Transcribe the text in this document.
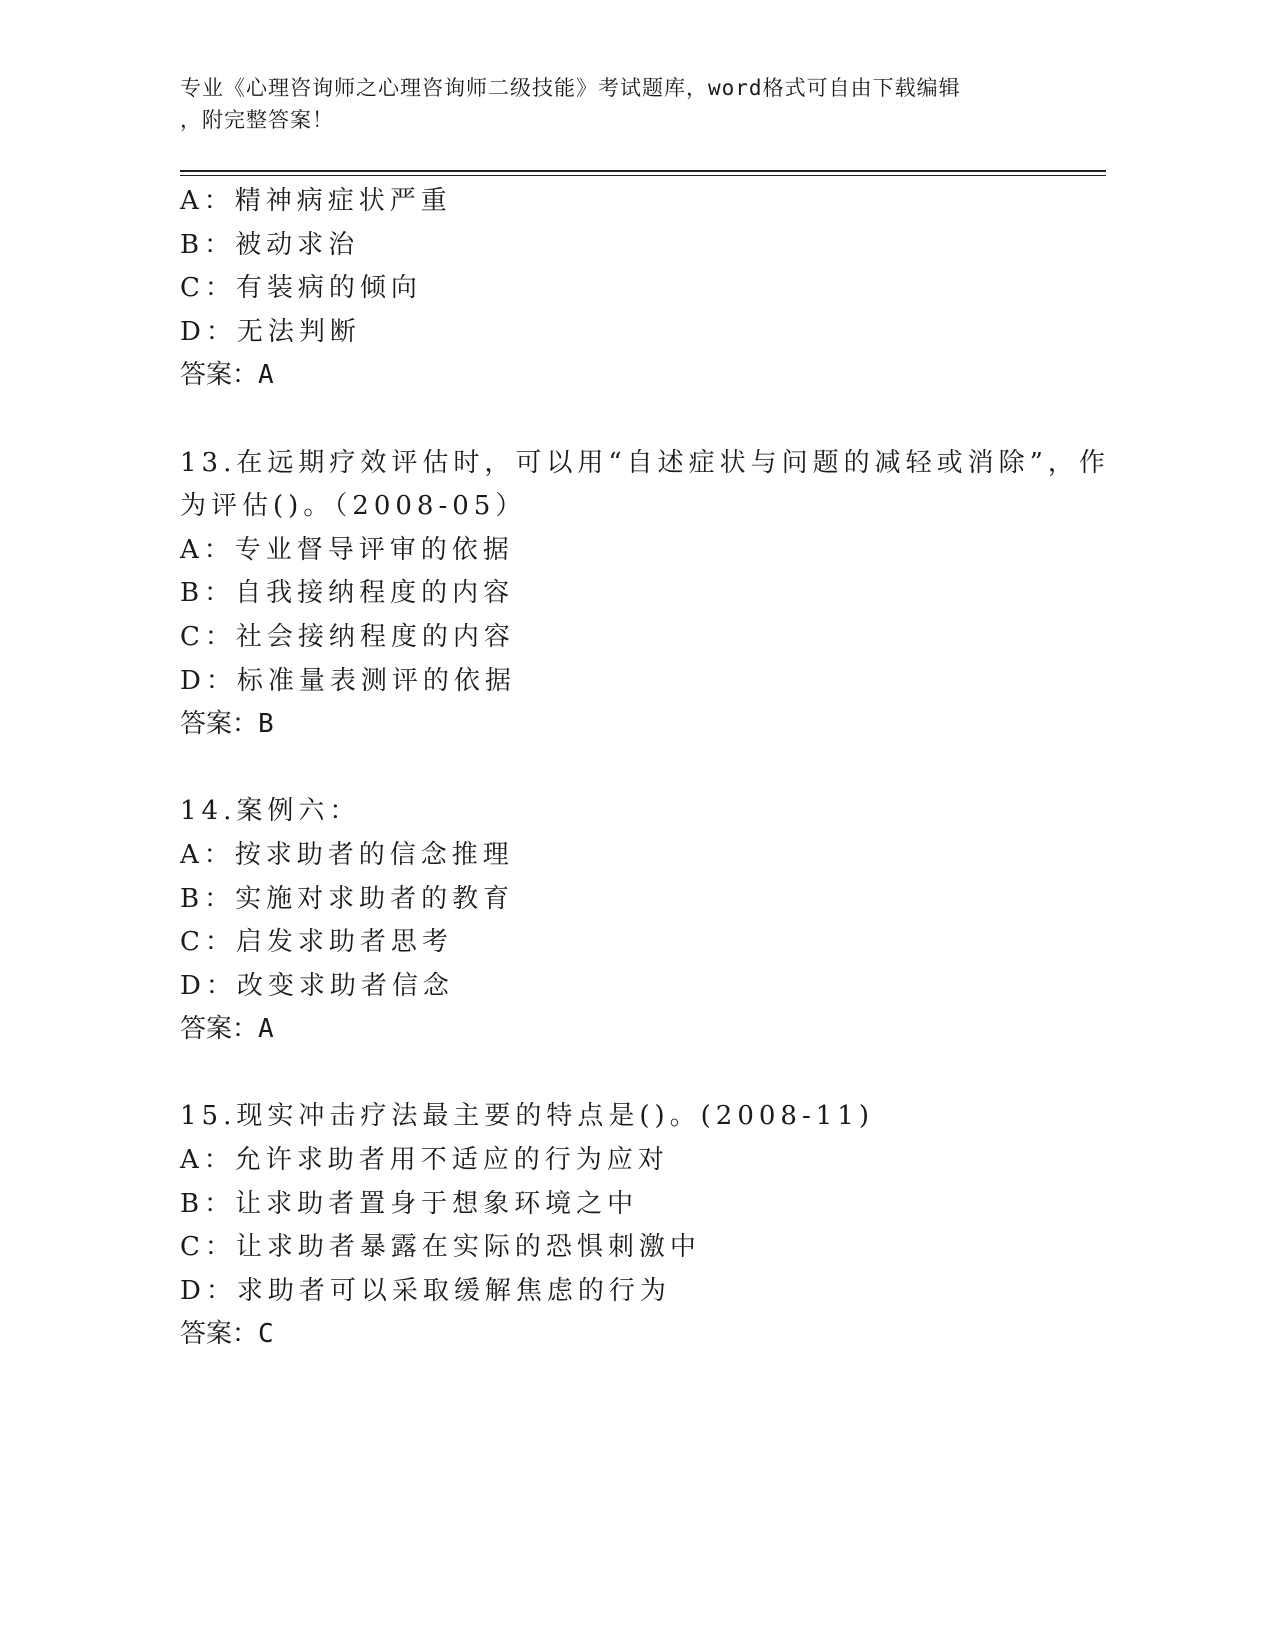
专业《心理咨询师之心理咨询师二级技能》考试题库，word格式可自由下载编辑
，附完整答案！
A：精神病症状严重
B：被动求治
C：有装病的倾向
D：无法判断
答案：A
13.在远期疗效评估时，可以用“自述症状与问题的减轻或消除”，作
为评估()。（2008-05）
A：专业督导评审的依据
B：自我接纳程度的内容
C：社会接纳程度的内容
D：标准量表测评的依据
答案：B
14.案例六：
A：按求助者的信念推理
B：实施对求助者的教育
C：启发求助者思考
D：改变求助者信念
答案：A
15.现实冲击疗法最主要的特点是()。(2008-11)
A：允许求助者用不适应的行为应对
B：让求助者置身于想象环境之中
C：让求助者暴露在实际的恐惧刺激中
D：求助者可以采取缓解焦虑的行为
答案：C
